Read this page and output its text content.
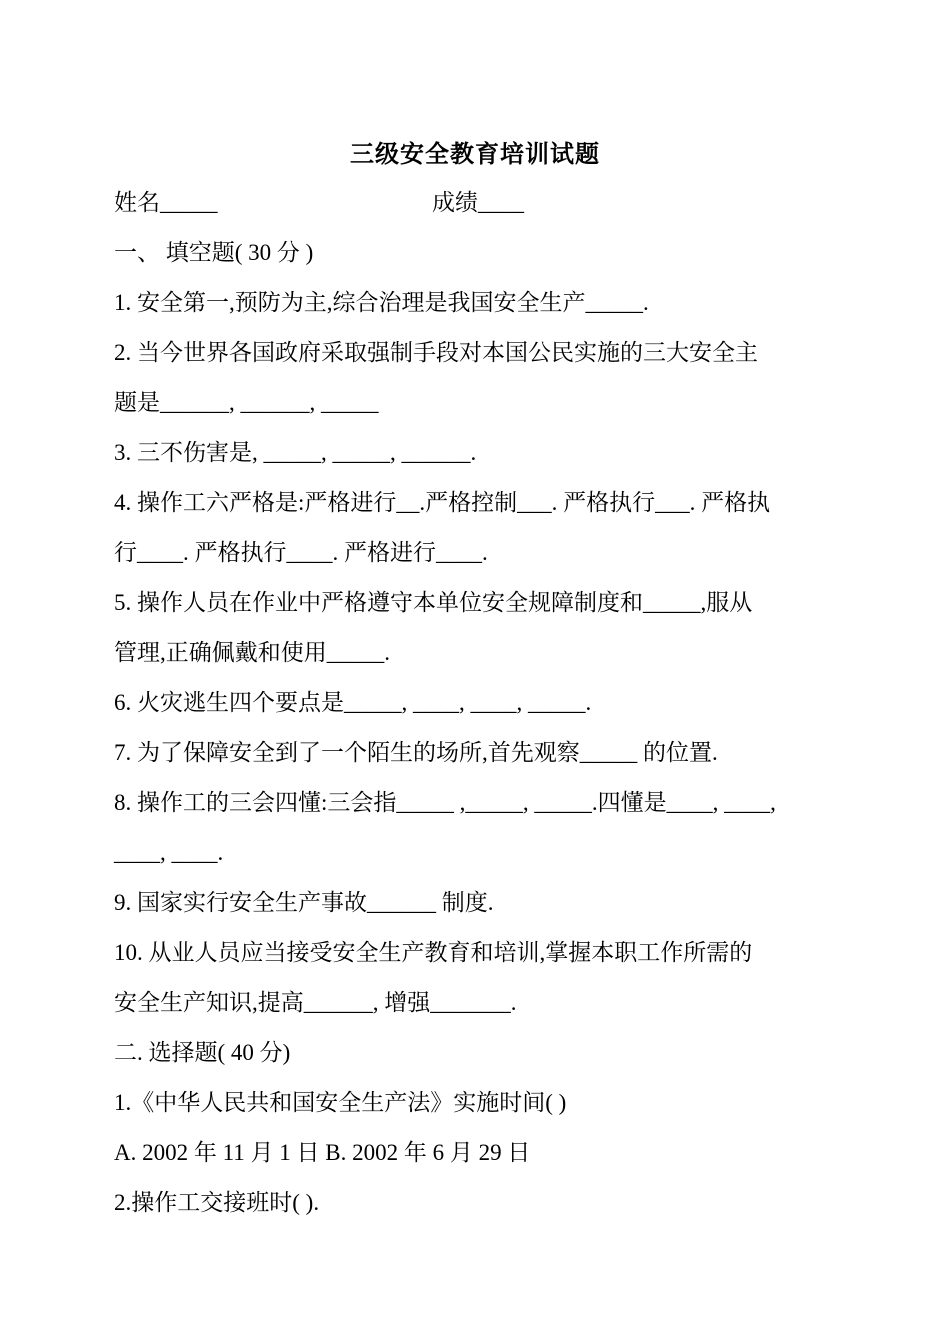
三级安全教育培训试题
姓名_____	成绩____
一、 填空题( 30 分 )
1. 安全第一,预防为主,综合治理是我国安全生产_____.
2. 当今世界各国政府采取强制手段对本国公民实施的三大安全主
题是______, ______, _____
3. 三不伤害是, _____, _____, ______.
4. 操作工六严格是:严格进行__.严格控制___. 严格执行___. 严格执
行____. 严格执行____. 严格进行____.
5. 操作人员在作业中严格遵守本单位安全规障制度和_____,服从
管理,正确佩戴和使用_____.
6. 火灾逃生四个要点是_____, ____, ____, _____.
7. 为了保障安全到了一个陌生的场所,首先观察_____ 的位置.
8. 操作工的三会四懂:三会指_____ ,_____, _____.四懂是____, ____,
____, ____.
9. 国家实行安全生产事故______ 制度.
10. 从业人员应当接受安全生产教育和培训,掌握本职工作所需的
安全生产知识,提高______, 增强_______.
二. 选择题( 40 分)
1.《中华人民共和国安全生产法》实施时间( )
A. 2002 年 11 月 1 日 B. 2002 年 6 月 29 日
2.操作工交接班时( ).
